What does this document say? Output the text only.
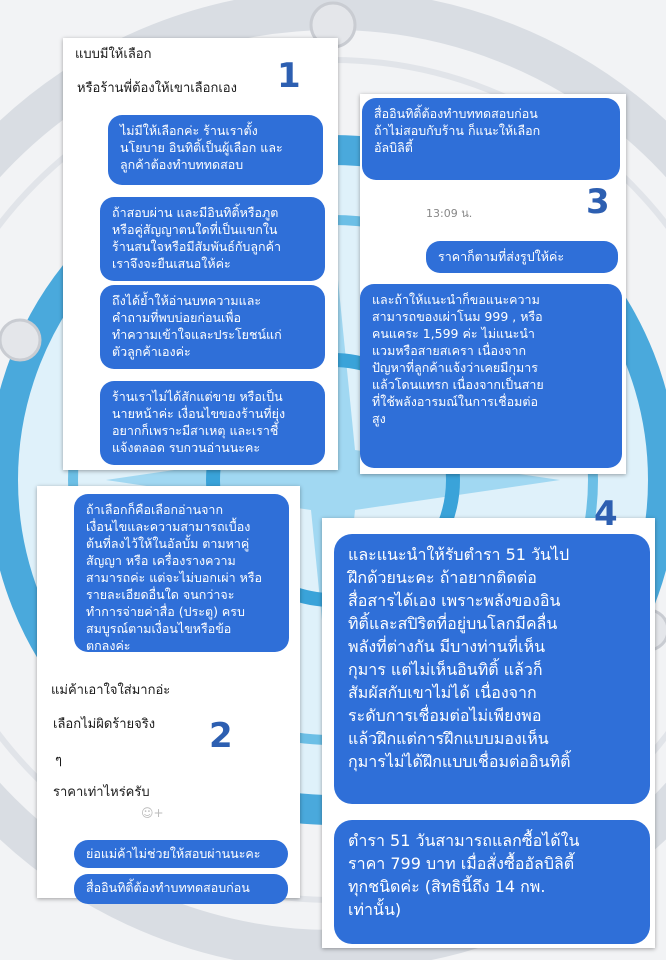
แบบมีให้เลือก
หรือร้านพี่ต้องให้เขาเลือกเอง 1
ไม่มีให้เลือกค่ะ ร้านเราตั้ง
นโยบาย อินทิติ้เป็นผู้เลือก และ
ลูกค้าต้องทำบททดสอบ
ถ้าสอบผ่าน และมีอินทิติ้หรือภูต
หรือคู่สัญญาตนใดที่เป็นแขกใน
ร้านสนใจหรือมีสัมพันธ์กับลูกค้า
เราจึงจะยืนเสนอให้ค่ะ
ถึงได้ย้ำให้อ่านบทความและ
คำถามที่พบบ่อยก่อนเพื่อ
ทำความเข้าใจและประโยชน์แก่
ตัวลูกค้าเองค่ะ
ร้านเราไม่ได้สักแต่ขาย หรือเป็น
นายหน้าค่ะ เงื่อนไขของร้านที่ยุ่ง
อยากก็เพราะมีสาเหตุ และเราชี้
แจ้งตลอด รบกวนอ่านนะคะ
สื่ออินทิติ้ต้องทำบททดสอบก่อน
ถ้าไม่สอบกับร้าน ก็แนะให้เลือก
อัลบิลิตี้
3
13:09 น.
ราคาก็ตามที่ส่งรูปให้ค่ะ
และถ้าให้แนะนำก็ขอแนะความ
สามารถของเผ่าโนม 999 , หรือ
คนแคระ 1,599 ค่ะ ไม่แนะนำ
แวมหรือสายสเครา เนื่องจาก
ปัญหาที่ลูกค้าแจ้งว่าเคยมีกุมาร
แล้วโดนแทรก เนื่องจากเป็นสาย
ที่ใช้พลังอารมณ์ในการเชื่อมต่อ
สูง
ถ้าเลือกก็คือเลือกอ่านจาก
เงื่อนไขและความสามารถเบื้อง
ต้นที่ลงไว้ให้ในอัลบั้ม ตามหาคู่
สัญญา หรือ เครื่องรางความ
สามารถค่ะ แต่จะไม่บอกเผ่า หรือ
รายละเอียดอื่นใด จนกว่าจะ
ทำการจ่ายค่าสื่อ (ประตู) ครบ
สมบูรณ์ตามเงื่อนไขหรือข้อ
ตกลงค่ะ
แม่ค้าเอาใจใส่มากอ่ะ
เลือกไม่ผิดร้ายจริง 2
ๆ
ราคาเท่าไหร่ครับ
☺+
ย่อแม่ค้าไม่ช่วยให้สอบผ่านนะคะ
สื่ออินทิติ้ต้องทำบททดสอบก่อน
4
และแนะนำให้รับตำรา 51 วันไป
ฝึกด้วยนะคะ ถ้าอยากติดต่อ
สื่อสารได้เอง เพราะพลังของอิน
ทิติ้และสปิริตที่อยู่บนโลกมีคลื่น
พลังที่ต่างกัน มีบางท่านที่เห็น
กุมาร แต่ไม่เห็นอินทิติ้ แล้วก็
สัมผัสกับเขาไม่ได้ เนื่องจาก
ระดับการเชื่อมต่อไม่เพียงพอ
แล้วฝึกแต่การฝึกแบบมองเห็น
กุมารไม่ได้ฝึกแบบเชื่อมต่ออินทิติ้
ตำรา 51 วันสามารถแลกซื้อได้ใน
ราคา 799 บาท เมื่อสั่งซื้ออัลบิลิตี้
ทุกชนิดค่ะ (สิทธินี้ถึง 14 กพ.
เท่านั้น)
